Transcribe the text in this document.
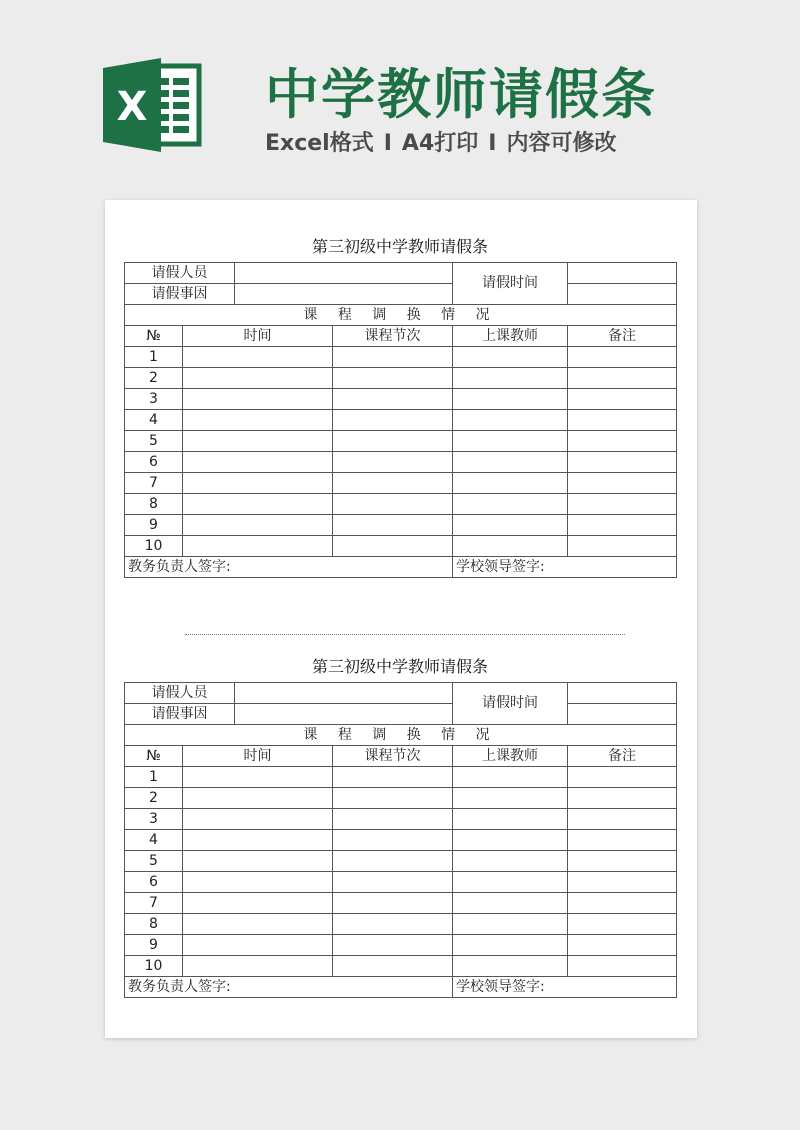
X 中学教师请假条
Excel格式 I A4打印 I 内容可修改
第三初级中学教师请假条
请假人员				请假时间	
请假事因					
课 程 调 换 情 况					
№	时间		课程节次	上课教师	备注
1					
2					
3					
4					
5					
6					
7					
8					
9					
10					
教务负责人签字:				学校领导签字:	
第三初级中学教师请假条
请假人员				请假时间	
请假事因					
课 程 调 换 情 况					
№	时间		课程节次	上课教师	备注
1					
2					
3					
4					
5					
6					
7					
8					
9					
10					
教务负责人签字:				学校领导签字:	
